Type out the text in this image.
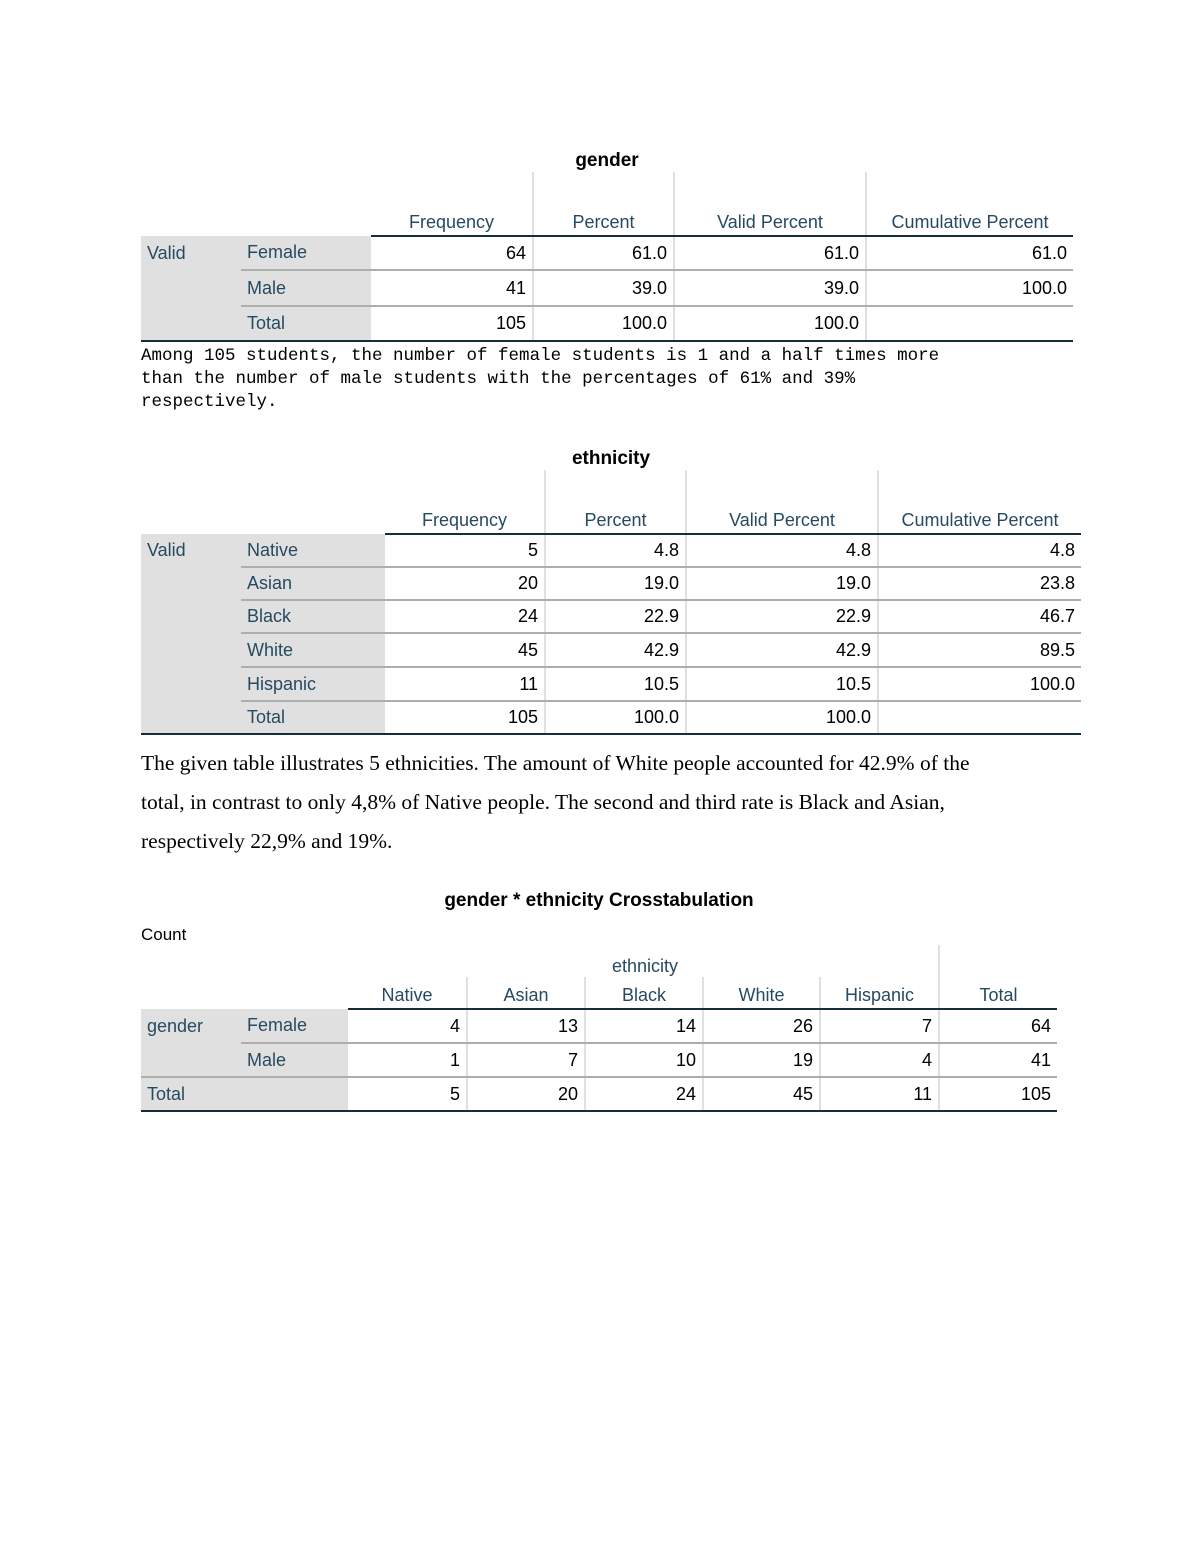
gender
		Frequency	Percent	Valid Percent	Cumulative Percent
Valid	Female	64	61.0	61.0	61.0
	Male	41	39.0	39.0	100.0
	Total	105	100.0	100.0	
Among 105 students, the number of female students is 1 and a half times more
than the number of male students with the percentages of 61% and 39%
respectively.
ethnicity
		Frequency	Percent	Valid Percent	Cumulative Percent
Valid	Native	5	4.8	4.8	4.8
	Asian	20	19.0	19.0	23.8
	Black	24	22.9	22.9	46.7
	White	45	42.9	42.9	89.5
	Hispanic	11	10.5	10.5	100.0
	Total	105	100.0	100.0	
The given table illustrates 5 ethnicities. The amount of White people accounted for 42.9% of the
total, in contrast to only 4,8% of Native people. The second and third rate is Black and Asian,
respectively 22,9% and 19%.
gender * ethnicity Crosstabulation
Count

		Native	Asian	Black	White	Hispanic	Total
gender	Female	4	13	14	26	7	64
	Male	1	7	10	19	4	41
Total		5	20	24	45	11	105
ethnicity
